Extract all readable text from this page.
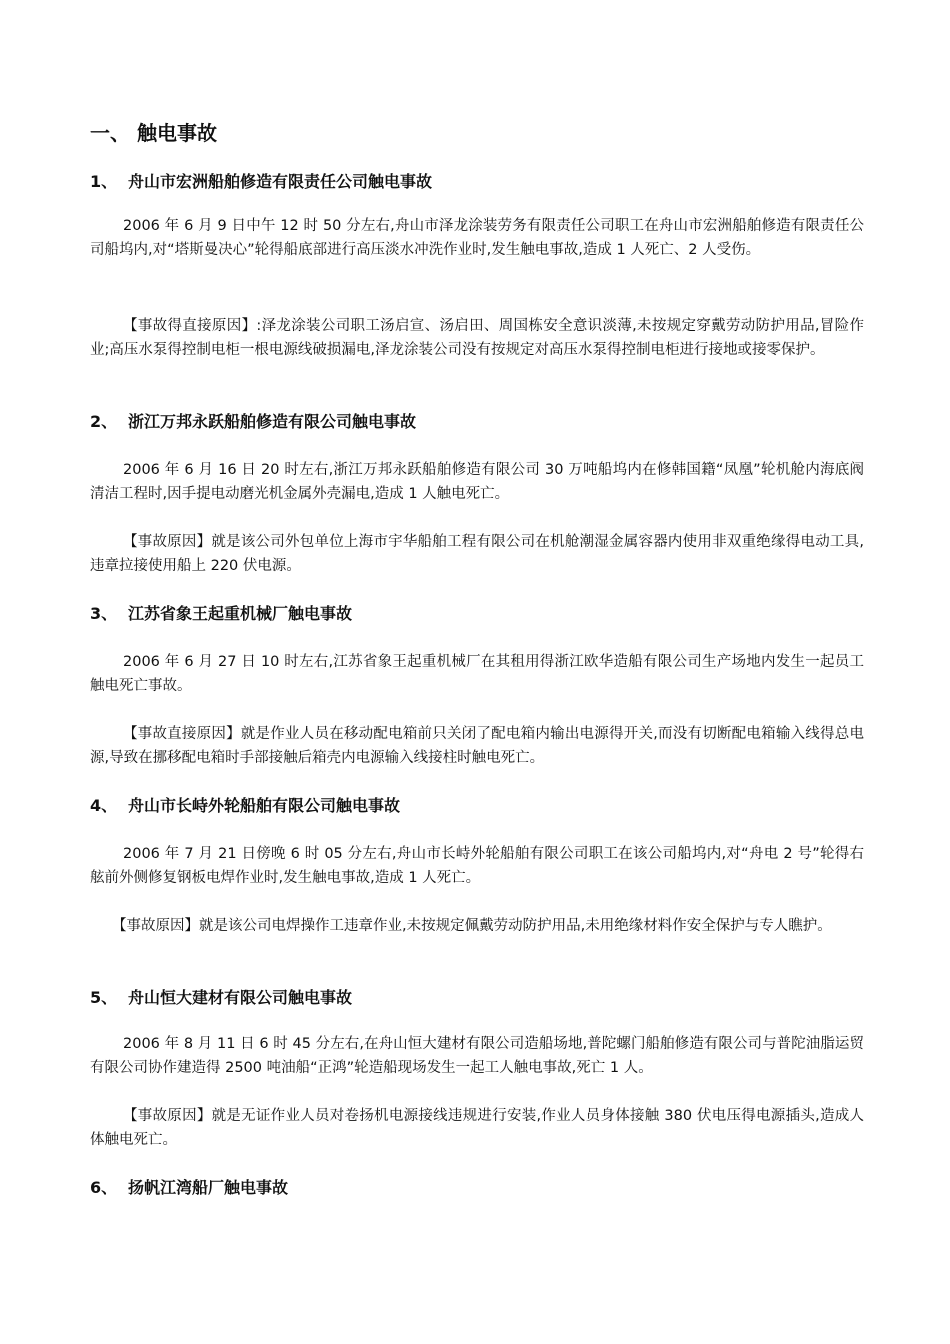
一、 触电事故
1、 舟山市宏洲船舶修造有限责任公司触电事故
2006 年 6 月 9 日中午 12 时 50 分左右,舟山市泽龙涂装劳务有限责任公司职工在舟山市宏洲船舶修造有限责任公司船坞内,对“塔斯曼决心”轮得船底部进行高压淡水冲洗作业时,发生触电事故,造成 1 人死亡、2 人受伤。
【事故得直接原因】:泽龙涂装公司职工汤启宣、汤启田、周国栋安全意识淡薄,未按规定穿戴劳动防护用品,冒险作业;高压水泵得控制电柜一根电源线破损漏电,泽龙涂装公司没有按规定对高压水泵得控制电柜进行接地或接零保护。
2、 浙江万邦永跃船舶修造有限公司触电事故
2006 年 6 月 16 日 20 时左右,浙江万邦永跃船舶修造有限公司 30 万吨船坞内在修韩国籍“凤凰”轮机舱内海底阀清洁工程时,因手提电动磨光机金属外壳漏电,造成 1 人触电死亡。
【事故原因】就是该公司外包单位上海市宇华船舶工程有限公司在机舱潮湿金属容器内使用非双重绝缘得电动工具,违章拉接使用船上 220 伏电源。
3、 江苏省象王起重机械厂触电事故
2006 年 6 月 27 日 10 时左右,江苏省象王起重机械厂在其租用得浙江欧华造船有限公司生产场地内发生一起员工触电死亡事故。
【事故直接原因】就是作业人员在移动配电箱前只关闭了配电箱内输出电源得开关,而没有切断配电箱输入线得总电源,导致在挪移配电箱时手部接触后箱壳内电源输入线接柱时触电死亡。
4、 舟山市长峙外轮船舶有限公司触电事故
2006 年 7 月 21 日傍晚 6 时 05 分左右,舟山市长峙外轮船舶有限公司职工在该公司船坞内,对“舟电 2 号”轮得右舷前外侧修复钢板电焊作业时,发生触电事故,造成 1 人死亡。
【事故原因】就是该公司电焊操作工违章作业,未按规定佩戴劳动防护用品,未用绝缘材料作安全保护与专人瞧护。
5、 舟山恒大建材有限公司触电事故
2006 年 8 月 11 日 6 时 45 分左右,在舟山恒大建材有限公司造船场地,普陀螺门船舶修造有限公司与普陀油脂运贸有限公司协作建造得 2500 吨油船“正鸿”轮造船现场发生一起工人触电事故,死亡 1 人。
【事故原因】就是无证作业人员对卷扬机电源接线违规进行安装,作业人员身体接触 380 伏电压得电源插头,造成人体触电死亡。
6、 扬帆江湾船厂触电事故
